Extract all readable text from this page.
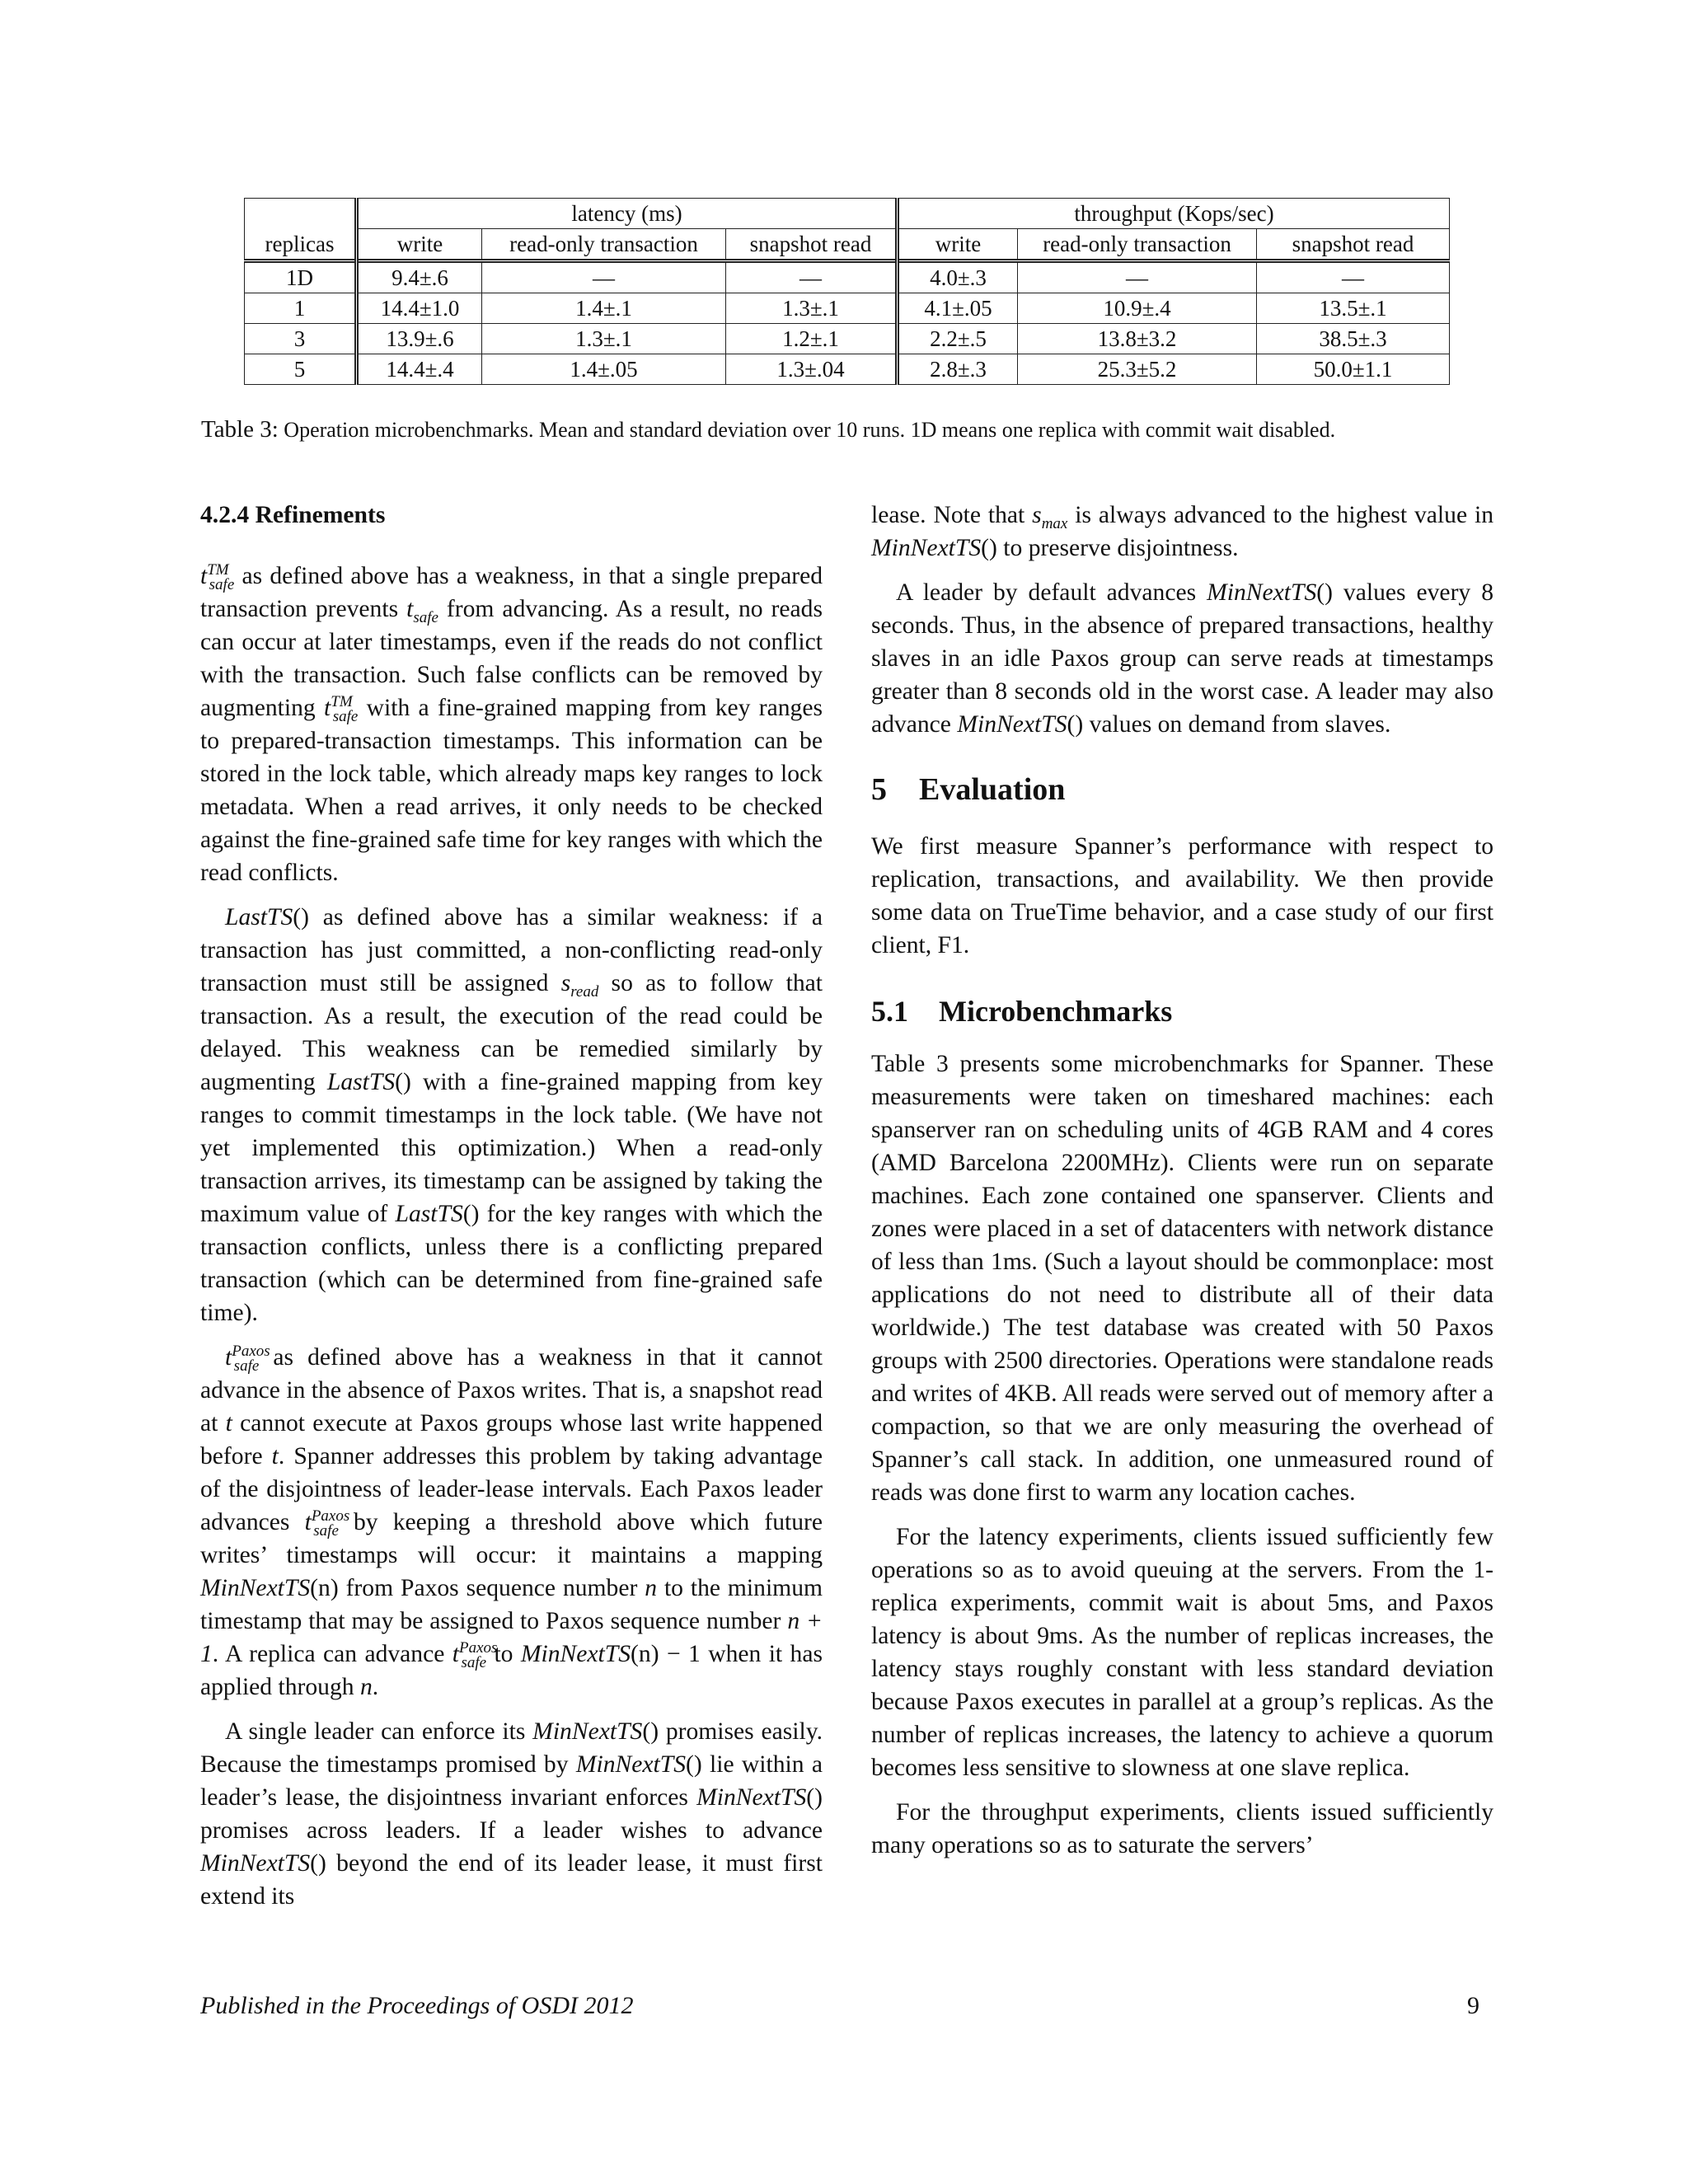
	latency (ms)			throughput (Kops/sec)		
replicas	write	read-only transaction	snapshot read	write	read-only transaction	snapshot read
1D	9.4±.6	—	—	4.0±.3	—	—
1	14.4±1.0	1.4±.1	1.3±.1	4.1±.05	10.9±.4	13.5±.1
3	13.9±.6	1.3±.1	1.2±.1	2.2±.5	13.8±3.2	38.5±.3
5	14.4±.4	1.4±.05	1.3±.04	2.8±.3	25.3±5.2	50.0±1.1
Table 3: Operation microbenchmarks. Mean and standard deviation over 10 runs. 1D means one replica with commit wait disabled.
4.2.4 Refinements

$t™_{safe}$ as defined above has a weakness, in that a single prepared transaction prevents $t_{safe}$ from advancing. As a result, no reads can occur at later timestamps, even if the reads do not conflict with the transaction. Such false conflicts can be removed by augmenting $t™_{safe}$ with a fine-grained mapping from key ranges to prepared-transaction timestamps. This information can be stored in the lock table, which already maps key ranges to lock metadata. When a read arrives, it only needs to be checked against the fine-grained safe time for key ranges with which the read conflicts.

LastTS() as defined above has a similar weakness: if a transaction has just committed, a non-conflicting read-only transaction must still be assigned $s_{read}$ so as to follow that transaction. As a result, the execution of the read could be delayed. This weakness can be remedied similarly by augmenting LastTS() with a fine-grained mapping from key ranges to commit timestamps in the lock table. (We have not yet implemented this optimization.) When a read-only transaction arrives, its timestamp can be assigned by taking the maximum value of LastTS() for the key ranges with which the transaction conflicts, unless there is a conflicting prepared transaction (which can be determined from fine-grained safe time).

$t^{Paxos}_{safe}$ as defined above has a weakness in that it cannot advance in the absence of Paxos writes. That is, a snapshot read at t cannot execute at Paxos groups whose last write happened before t. Spanner addresses this problem by taking advantage of the disjointness of leader-lease intervals. Each Paxos leader advances $t^{Paxos}_{safe}$ by keeping a threshold above which future writes’ timestamps will occur: it maintains a mapping MinNextTS(n) from Paxos sequence number n to the minimum timestamp that may be assigned to Paxos sequence number n + 1. A replica can advance $t^{Paxos}_{safe}$ to MinNextTS(n) − 1 when it has applied through n.

A single leader can enforce its MinNextTS() promises easily. Because the timestamps promised by MinNextTS() lie within a leader’s lease, the disjointness invariant enforces MinNextTS() promises across leaders. If a leader wishes to advance MinNextTS() beyond the end of its leader lease, it must first extend its

lease. Note that $s_{max}$ is always advanced to the highest value in MinNextTS() to preserve disjointness.

A leader by default advances MinNextTS() values every 8 seconds. Thus, in the absence of prepared transactions, healthy slaves in an idle Paxos group can serve reads at timestamps greater than 8 seconds old in the worst case. A leader may also advance MinNextTS() values on demand from slaves.

5 Evaluation

We first measure Spanner’s performance with respect to replication, transactions, and availability. We then provide some data on TrueTime behavior, and a case study of our first client, F1.

5.1 Microbenchmarks

Table 3 presents some microbenchmarks for Spanner. These measurements were taken on timeshared machines: each spanserver ran on scheduling units of 4GB RAM and 4 cores (AMD Barcelona 2200MHz). Clients were run on separate machines. Each zone contained one spanserver. Clients and zones were placed in a set of datacenters with network distance of less than 1ms. (Such a layout should be commonplace: most applications do not need to distribute all of their data worldwide.) The test database was created with 50 Paxos groups with 2500 directories. Operations were standalone reads and writes of 4KB. All reads were served out of memory after a compaction, so that we are only measuring the overhead of Spanner’s call stack. In addition, one unmeasured round of reads was done first to warm any location caches.

For the latency experiments, clients issued sufficiently few operations so as to avoid queuing at the servers. From the 1-replica experiments, commit wait is about 5ms, and Paxos latency is about 9ms. As the number of replicas increases, the latency stays roughly constant with less standard deviation because Paxos executes in parallel at a group’s replicas. As the number of replicas increases, the latency to achieve a quorum becomes less sensitive to slowness at one slave replica.

For the throughput experiments, clients issued sufficiently many operations so as to saturate the servers’

Published in the Proceedings of OSDI 2012	9
